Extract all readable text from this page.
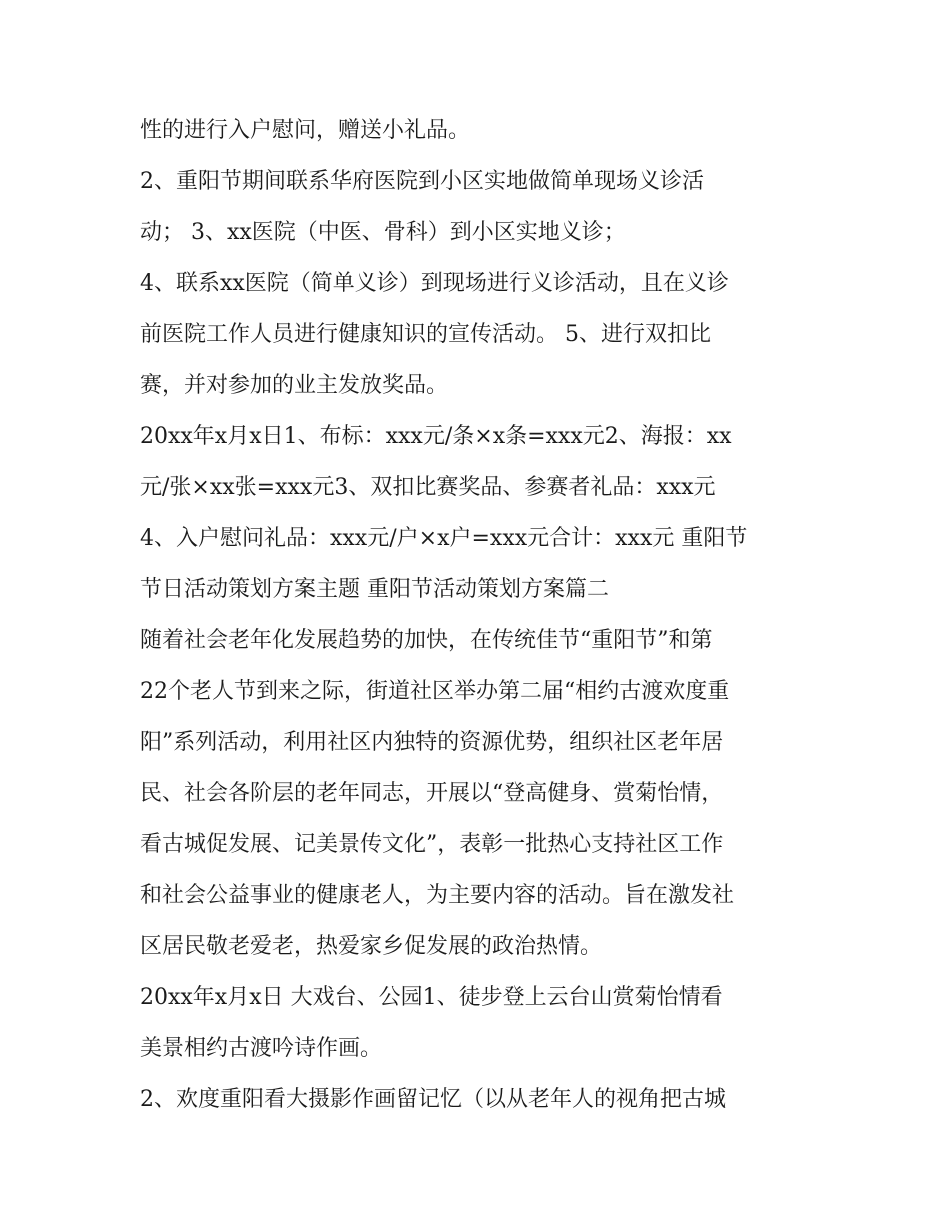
性的进行入户慰问，赠送小礼品。
2、重阳节期间联系华府医院到小区实地做简单现场义诊活
动； 3、xx医院（中医、骨科）到小区实地义诊；
4、联系xx医院（简单义诊）到现场进行义诊活动，且在义诊
前医院工作人员进行健康知识的宣传活动。 5、进行双扣比
赛，并对参加的业主发放奖品。
20xx年x月x日1、布标：xxx元/条×x条=xxx元2、海报：xx
元/张×xx张=xxx元3、双扣比赛奖品、参赛者礼品：xxx元
4、入户慰问礼品：xxx元/户×x户=xxx元合计：xxx元 重阳节
节日活动策划方案主题 重阳节活动策划方案篇二
随着社会老年化发展趋势的加快，在传统佳节“重阳节”和第
22个老人节到来之际，街道社区举办第二届“相约古渡欢度重
阳”系列活动，利用社区内独特的资源优势，组织社区老年居
民、社会各阶层的老年同志，开展以“登高健身、赏菊怡情，
看古城促发展、记美景传文化”，表彰一批热心支持社区工作
和社会公益事业的健康老人，为主要内容的活动。旨在激发社
区居民敬老爱老，热爱家乡促发展的政治热情。
20xx年x月x日 大戏台、公园1、徒步登上云台山赏菊怡情看
美景相约古渡吟诗作画。
2、欢度重阳看大摄影作画留记忆（以从老年人的视角把古城
